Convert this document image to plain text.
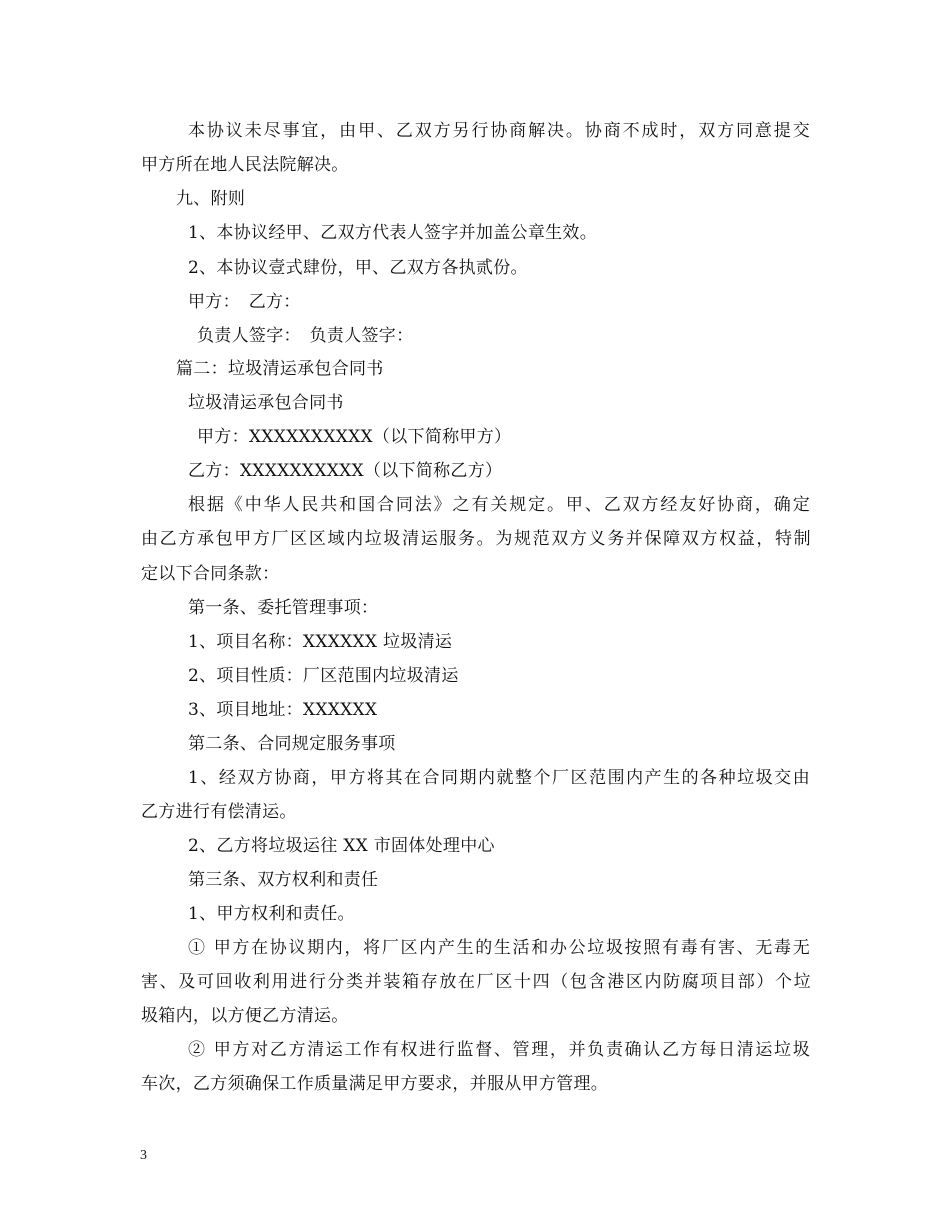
本协议未尽事宜，由甲、乙双方另行协商解决。协商不成时，双方同意提交
甲方所在地人民法院解决。
九、附则
1、本协议经甲、乙双方代表人签字并加盖公章生效。
2、本协议壹式肆份，甲、乙双方各执贰份。
甲方：　乙方：
负责人签字：　负责人签字：
篇二：垃圾清运承包合同书
垃圾清运承包合同书
甲方：XXXXXXXXXX（以下简称甲方）
乙方：XXXXXXXXXX（以下简称乙方）
根据《中华人民共和国合同法》之有关规定。甲、乙双方经友好协商，确定
由乙方承包甲方厂区区域内垃圾清运服务。为规范双方义务并保障双方权益，特制
定以下合同条款：
第一条、委托管理事项：
1、项目名称：XXXXXX 垃圾清运
2、项目性质：厂区范围内垃圾清运
3、项目地址：XXXXXX
第二条、合同规定服务事项
1、经双方协商，甲方将其在合同期内就整个厂区范围内产生的各种垃圾交由
乙方进行有偿清运。
2、乙方将垃圾运往 XX 市固体处理中心
第三条、双方权利和责任
1、甲方权利和责任。
① 甲方在协议期内，将厂区内产生的生活和办公垃圾按照有毒有害、无毒无
害、及可回收利用进行分类并装箱存放在厂区十四（包含港区内防腐项目部）个垃
圾箱内，以方便乙方清运。
② 甲方对乙方清运工作有权进行监督、管理，并负责确认乙方每日清运垃圾
车次，乙方须确保工作质量满足甲方要求，并服从甲方管理。
3
